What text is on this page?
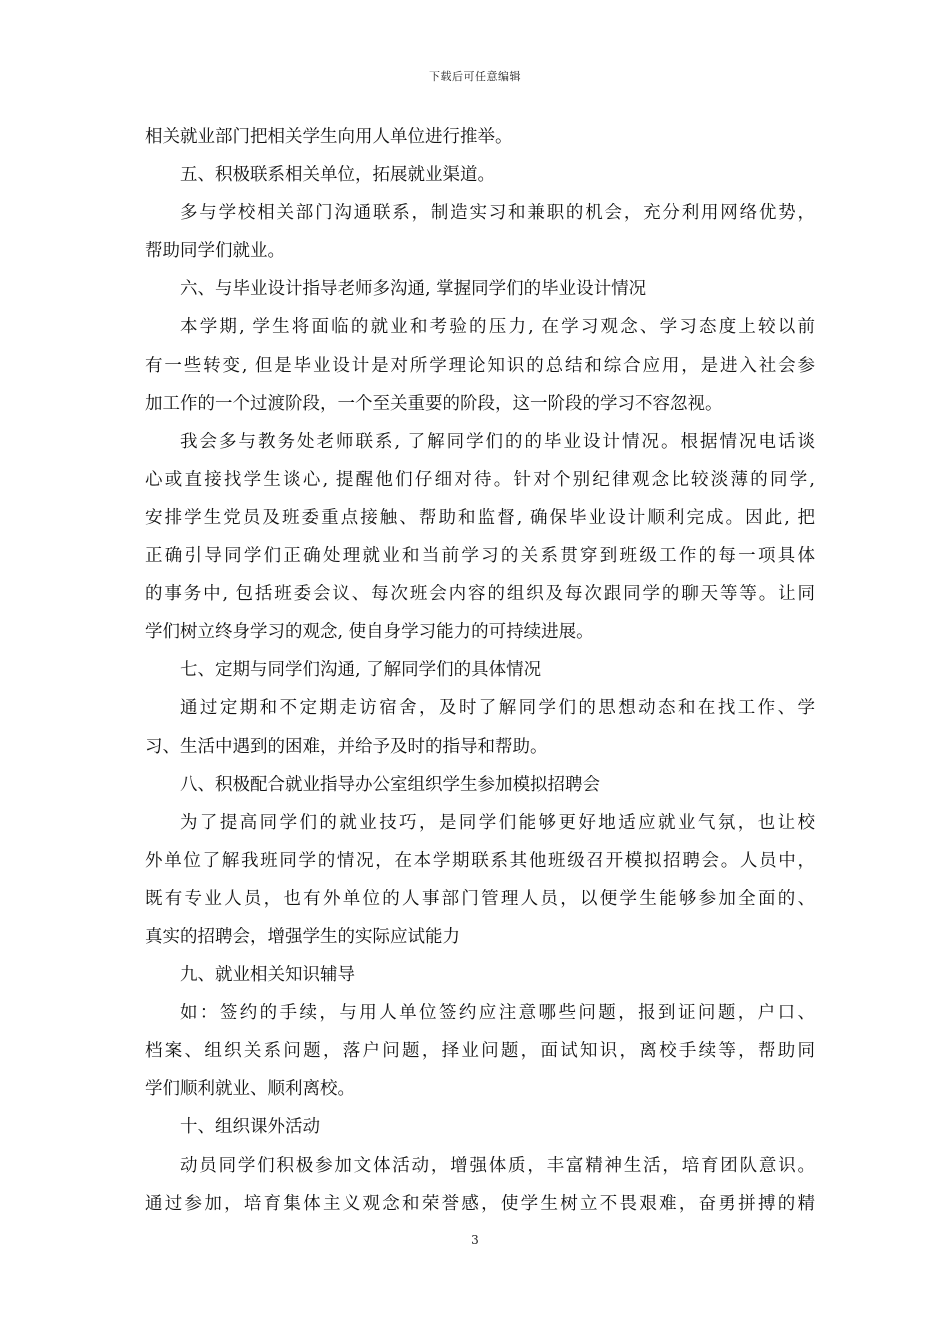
下载后可任意编辑
相关就业部门把相关学生向用人单位进行推举。
五、积极联系相关单位，拓展就业渠道。
多与学校相关部门沟通联系，制造实习和兼职的机会，充分利用网络优势，
帮助同学们就业。
六、与毕业设计指导老师多沟通, 掌握同学们的毕业设计情况
本学期, 学生将面临的就业和考验的压力, 在学习观念、学习态度上较以前
有一些转变, 但是毕业设计是对所学理论知识的总结和综合应用，是进入社会参
加工作的一个过渡阶段，一个至关重要的阶段，这一阶段的学习不容忽视。
我会多与教务处老师联系, 了解同学们的的毕业设计情况。根据情况电话谈
心或直接找学生谈心, 提醒他们仔细对待。针对个别纪律观念比较淡薄的同学,
安排学生党员及班委重点接触、帮助和监督, 确保毕业设计顺利完成。因此, 把
正确引导同学们正确处理就业和当前学习的关系贯穿到班级工作的每一项具体
的事务中, 包括班委会议、每次班会内容的组织及每次跟同学的聊天等等。让同
学们树立终身学习的观念, 使自身学习能力的可持续进展。
七、定期与同学们沟通, 了解同学们的具体情况
通过定期和不定期走访宿舍，及时了解同学们的思想动态和在找工作、学
习、生活中遇到的困难，并给予及时的指导和帮助。
八、积极配合就业指导办公室组织学生参加模拟招聘会
为了提高同学们的就业技巧，是同学们能够更好地适应就业气氛，也让校
外单位了解我班同学的情况，在本学期联系其他班级召开模拟招聘会。人员中，
既有专业人员，也有外单位的人事部门管理人员，以便学生能够参加全面的、
真实的招聘会，增强学生的实际应试能力
九、就业相关知识辅导
如：签约的手续，与用人单位签约应注意哪些问题，报到证问题，户口、
档案、组织关系问题，落户问题，择业问题，面试知识，离校手续等，帮助同
学们顺利就业、顺利离校。
十、组织课外活动
动员同学们积极参加文体活动，增强体质，丰富精神生活，培育团队意识。
通过参加，培育集体主义观念和荣誉感，使学生树立不畏艰难，奋勇拼搏的精
3
